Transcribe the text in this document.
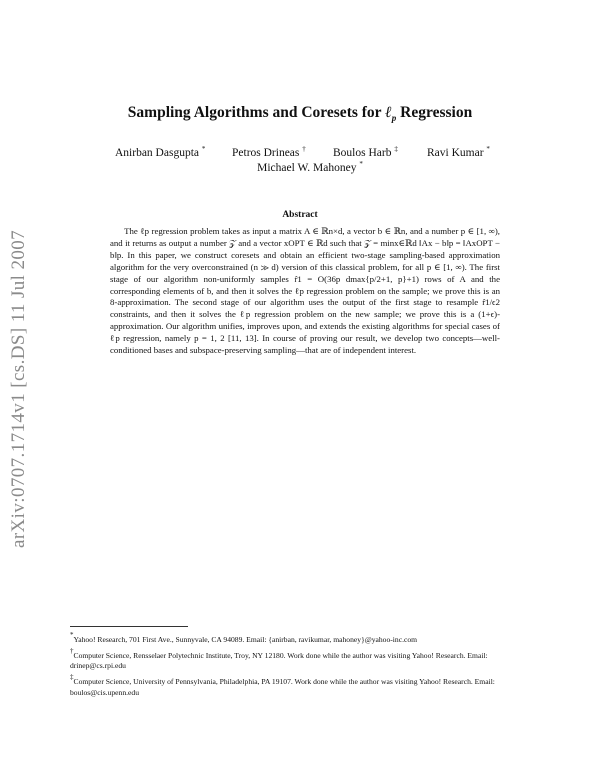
arXiv:0707.1714v1 [cs.DS] 11 Jul 2007
Sampling Algorithms and Coresets for ℓ$_p$ Regression
Anirban Dasgupta * Petros Drineas † Boulos Harb ‡	Ravi Kumar *
Michael W. Mahoney *
Abstract

The ℓp regression problem takes as input a matrix A ∈ ℝn×d, a vector b ∈ ℝn, and a number p ∈ [1, ∞), and it returns as output a number 𝒵 and a vector xOPT ∈ ℝd such that 𝒵 = minx∈ℝd ‖Ax − b‖p = ‖AxOPT − b‖p. In this paper, we construct coresets and obtain an efficient two-stage sampling-based approximation algorithm for the very overconstrained (n ≫ d) version of this classical problem, for all p ∈ [1, ∞). The first stage of our algorithm non-uniformly samples r̂1 = O(36p dmax{p/2+1, p}+1) rows of A and the corresponding elements of b, and then it solves the ℓp regression problem on the sample; we prove this is an 8-approximation. The second stage of our algorithm uses the output of the first stage to resample r̂1/ϵ2 constraints, and then it solves the ℓp regression problem on the new sample; we prove this is a (1+ϵ)-approximation. Our algorithm unifies, improves upon, and extends the existing algorithms for special cases of ℓp regression, namely p = 1, 2 [11, 13]. In course of proving our result, we develop two concepts—well-conditioned bases and subspace-preserving sampling—that are of independent interest.

*Yahoo! Research, 701 First Ave., Sunnyvale, CA 94089. Email: {anirban, ravikumar, mahoney}@yahoo-inc.com

†Computer Science, Rensselaer Polytechnic Institute, Troy, NY 12180. Work done while the author was visiting Yahoo! Research. Email: drinep@cs.rpi.edu

‡Computer Science, University of Pennsylvania, Philadelphia, PA 19107. Work done while the author was visiting Yahoo! Research. Email: boulos@cis.upenn.edu
